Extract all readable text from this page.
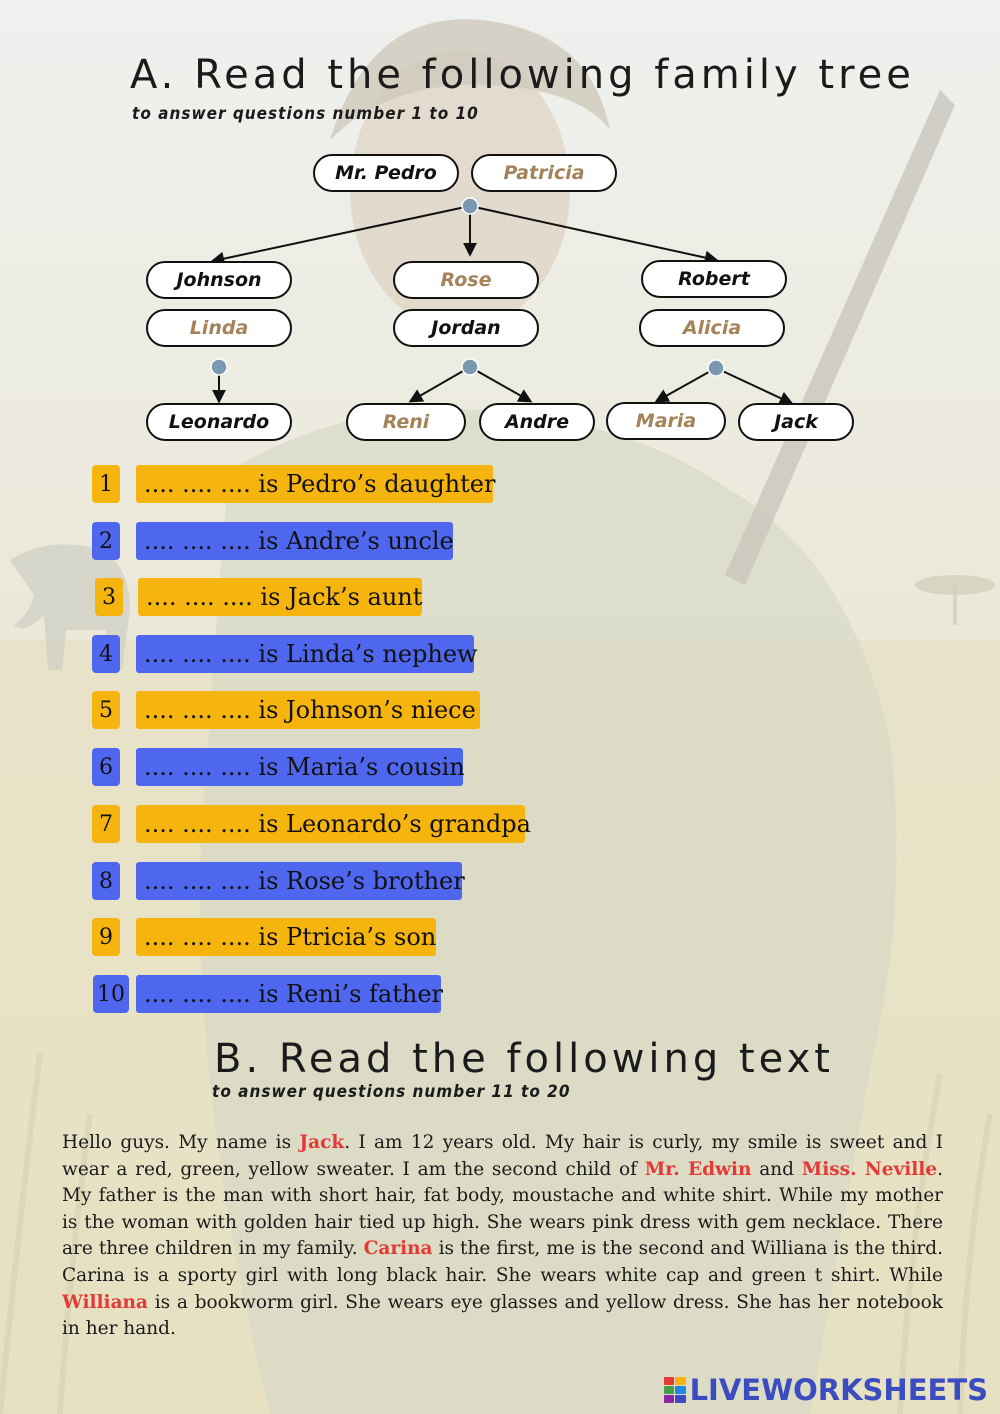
A. Read the following family tree
to answer questions number 1 to 10
Mr. Pedro	Patricia
Johnson
Linda
Rose
Jordan
Robert
Alicia
Leonardo	Reni	Andre	Maria	Jack
1	.... .... .... is Pedro’s daughter
2	.... .... .... is Andre’s uncle
3	.... .... .... is Jack’s aunt
4	.... .... .... is Linda’s nephew
5	.... .... .... is Johnson’s niece
6	.... .... .... is Maria’s cousin
7	.... .... .... is Leonardo’s grandpa
8	.... .... .... is Rose’s brother
9	.... .... .... is Ptricia’s son
10 .... .... .... is Reni’s father
B. Read the following text
to answer questions number 11 to 20

Hello guys. My name is Jack. I am 12 years old. My hair is curly, my smile is sweet and I wear a red, green, yellow sweater. I am the second child of Mr. Edwin and Miss. Neville. My father is the man with short hair, fat body, moustache and white shirt. While my mother is the woman with golden hair tied up high. She wears pink dress with gem necklace. There are three children in my family. Carina is the first, me is the second and Williana is the third. Carina is a sporty girl with long black hair. She wears white cap and green t shirt. While Williana is a bookworm girl. She wears eye glasses and yellow dress. She has her notebook in her hand.

LIVEWORKSHEETS
